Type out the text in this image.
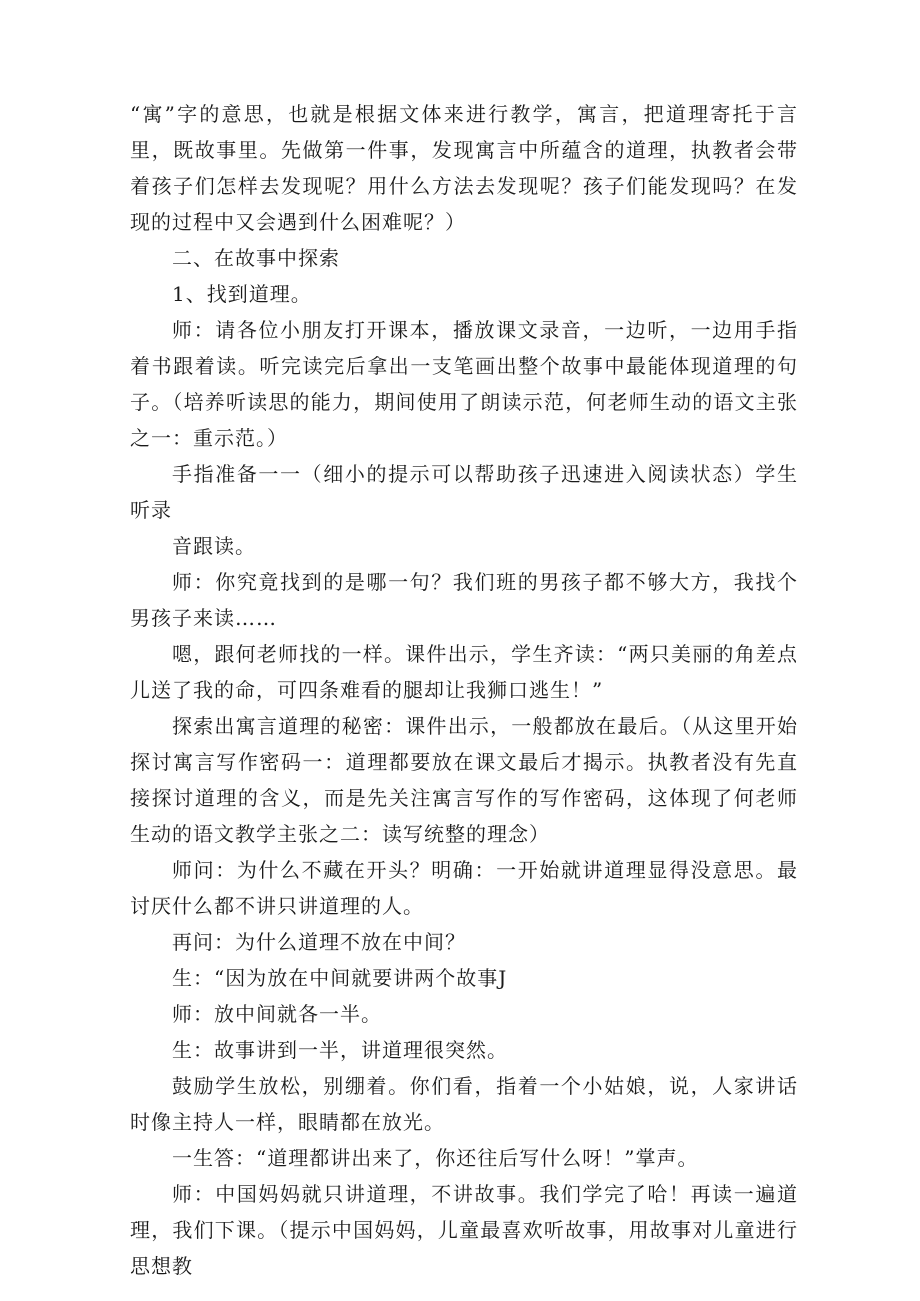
“寓”字的意思，也就是根据文体来进行教学，寓言，把道理寄托于言里，既故事里。先做第一件事，发现寓言中所蕴含的道理，执教者会带着孩子们怎样去发现呢？用什么方法去发现呢？孩子们能发现吗？在发现的过程中又会遇到什么困难呢？）

二、在故事中探索

1、找到道理。

师：请各位小朋友打开课本，播放课文录音，一边听，一边用手指着书跟着读。听完读完后拿出一支笔画出整个故事中最能体现道理的句子。（培养听读思的能力，期间使用了朗读示范，何老师生动的语文主张之一：重示范。）

手指准备一一（细小的提示可以帮助孩子迅速进入阅读状态）学生听录

音跟读。

师：你究竟找到的是哪一句？我们班的男孩子都不够大方，我找个男孩子来读……

嗯，跟何老师找的一样。课件出示，学生齐读：“两只美丽的角差点儿送了我的命，可四条难看的腿却让我狮口逃生！”

探索出寓言道理的秘密：课件出示，一般都放在最后。（从这里开始探讨寓言写作密码一：道理都要放在课文最后才揭示。执教者没有先直接探讨道理的含义，而是先关注寓言写作的写作密码，这体现了何老师生动的语文教学主张之二：读写统整的理念）

师问：为什么不藏在开头？明确：一开始就讲道理显得没意思。最讨厌什么都不讲只讲道理的人。

再问：为什么道理不放在中间？

生：“因为放在中间就要讲两个故事J

师：放中间就各一半。

生：故事讲到一半，讲道理很突然。

鼓励学生放松，别绷着。你们看，指着一个小姑娘，说，人家讲话时像主持人一样，眼睛都在放光。

一生答：“道理都讲出来了，你还往后写什么呀！”掌声。

师：中国妈妈就只讲道理，不讲故事。我们学完了哈！再读一遍道理，我们下课。（提示中国妈妈，儿童最喜欢听故事，用故事对儿童进行思想教
